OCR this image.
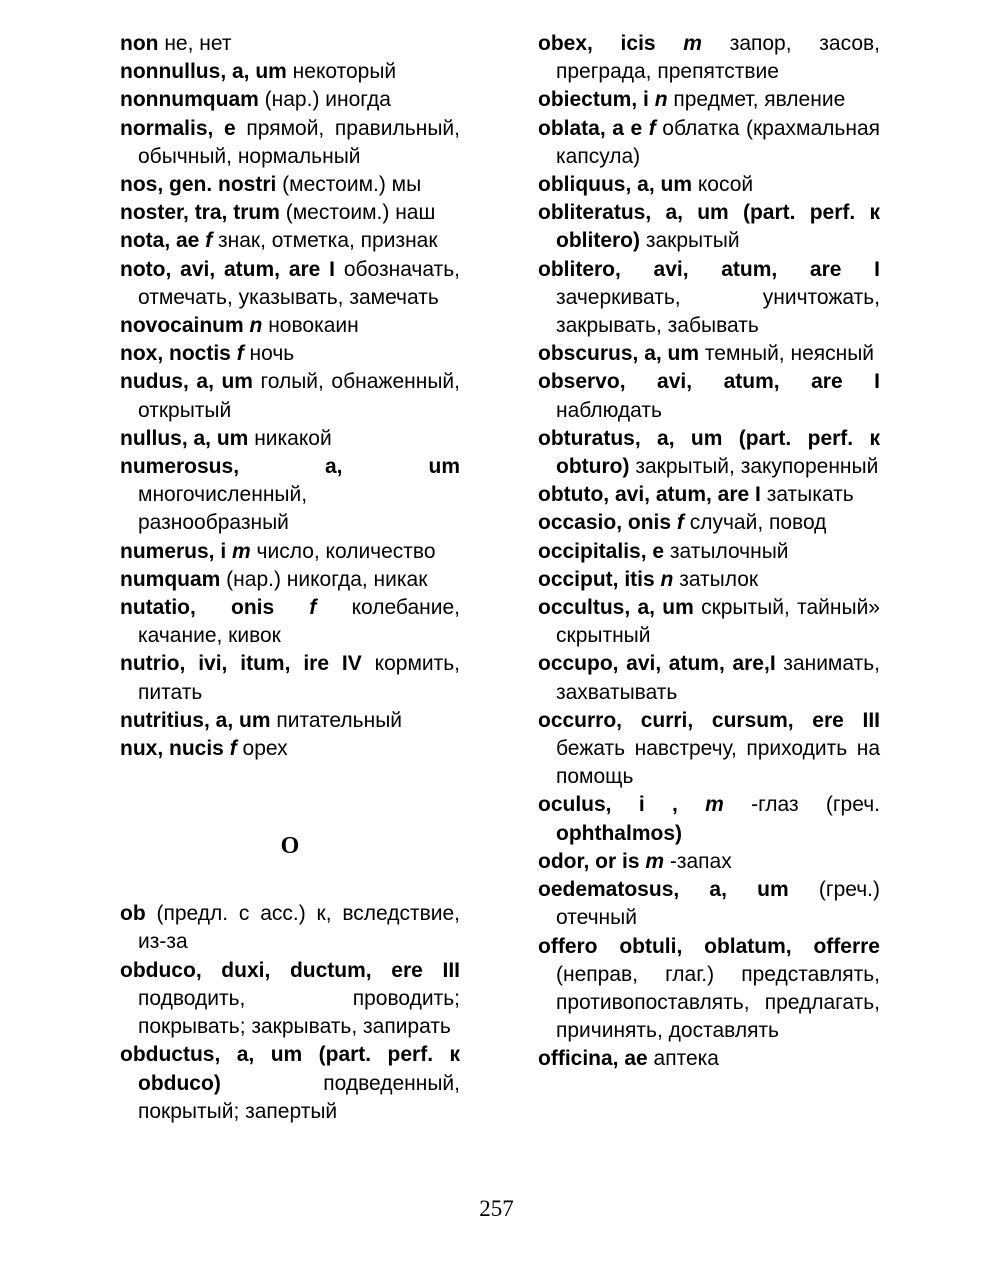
non не, нет
nonnullus, a, um некоторый
nonnumquam (нар.) иногда
normalis, e прямой, правильный, обычный, нормальный
nos, gen. nostri (местоим.) мы
noster, tra, trum (местоим.) наш
nota, ae f знак, отметка, признак
noto, avi, atum, are I обозначать, отмечать, указывать, замечать
novocainum n новокаин
nox, noctis f ночь
nudus, a, um голый, обнаженный, открытый
nullus, a, um никакой
numerosus, a, um многочисленный, разнообразный
numerus, i m число, количество
numquam (нар.) никогда, никак
nutatio, onis f колебание, качание, кивок
nutrio, ivi, itum, ire IV кормить, питать
nutritius, a, um питательный
nux, nucis f орех
O
ob (предл. с асс.) к, вследствие, из-за
obduco, duxi, ductum, ere III подводить, проводить; покрывать; закрывать, запирать
obductus, a, um (part. perf. к obduco) подведенный, покрытый; запертый
obex, icis m запор, засов, преграда, препятствие
obiectum, i n предмет, явление
oblata, a e f облатка (крахмальная капсула)
obliquus, a, um косой
obliteratus, a, um (part. perf. к oblitero) закрытый
oblitero, avi, atum, are I зачеркивать, уничтожать, закрывать, забывать
obscurus, a, um темный, неясный
observo, avi, atum, are I наблюдать
obturatus, a, um (part. perf. к obturo) закрытый, закупоренный
obtuto, avi, atum, are I затыкать
occasio, onis f случай, повод
occipitalis, e затылочный
occiput, itis n затылок
occultus, a, um скрытый, тайный» скрытный
occupo, avi, atum, are,I занимать, захватывать
occurro, curri, cursum, ere III бежать навстречу, приходить на помощь
oculus, i , m -глаз (греч. ophthalmos)
odor, or is m -запах
oedematosus, a, um (греч.) отечный
offero obtuli, oblatum, offerre (неправ, глаг.) представлять, противопоставлять, предлагать, причинять, доставлять
officina, ae аптека
257
